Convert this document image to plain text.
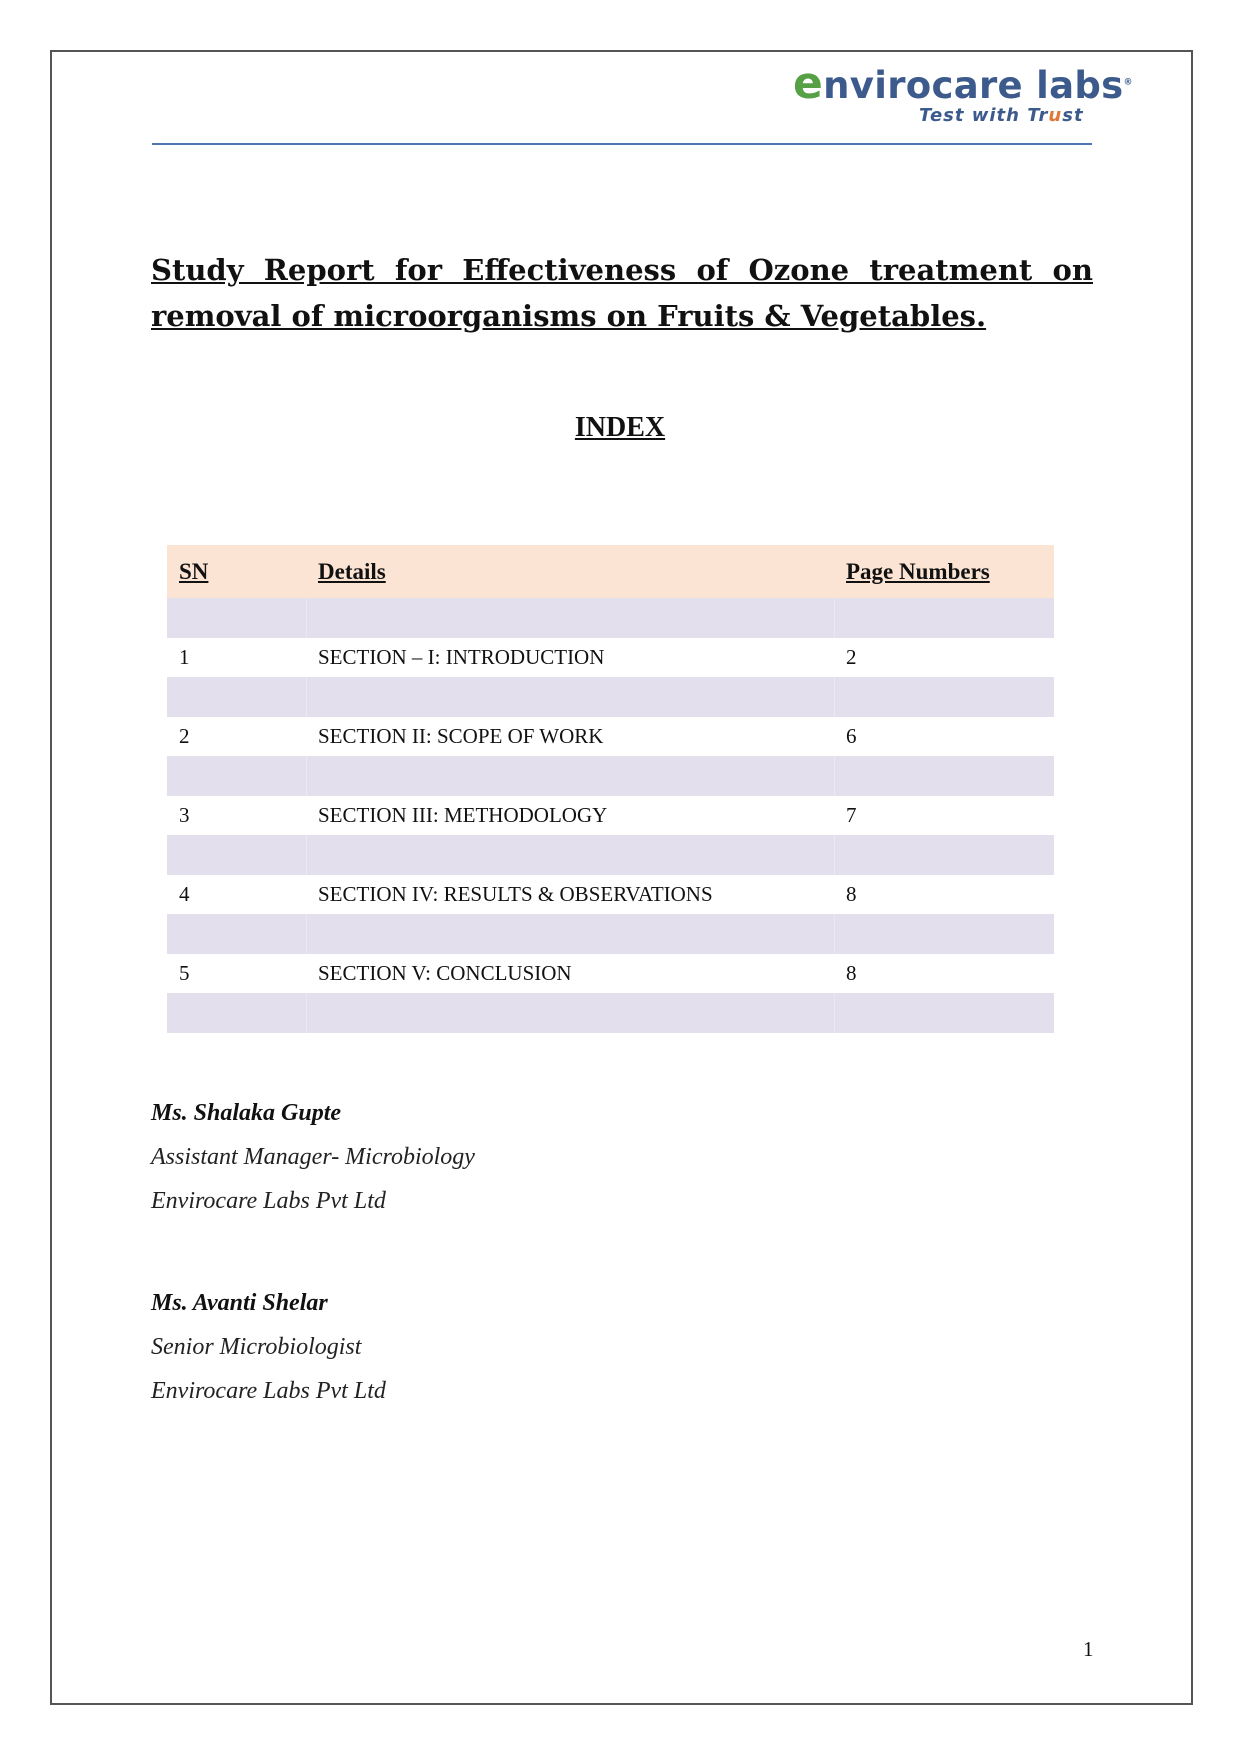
envirocare labs®
Test with Trust
Study Report for Effectiveness of Ozone treatment on removal of microorganisms on Fruits & Vegetables.
INDEX
SN	Details	Page Numbers

1	SECTION – I: INTRODUCTION	2

2	SECTION II: SCOPE OF WORK	6

3	SECTION III: METHODOLOGY	7

4	SECTION IV: RESULTS & OBSERVATIONS	8

5	SECTION V: CONCLUSION	8

Ms. Shalaka Gupte
Assistant Manager- Microbiology
Envirocare Labs Pvt Ltd
Ms. Avanti Shelar
Senior Microbiologist
Envirocare Labs Pvt Ltd
1
